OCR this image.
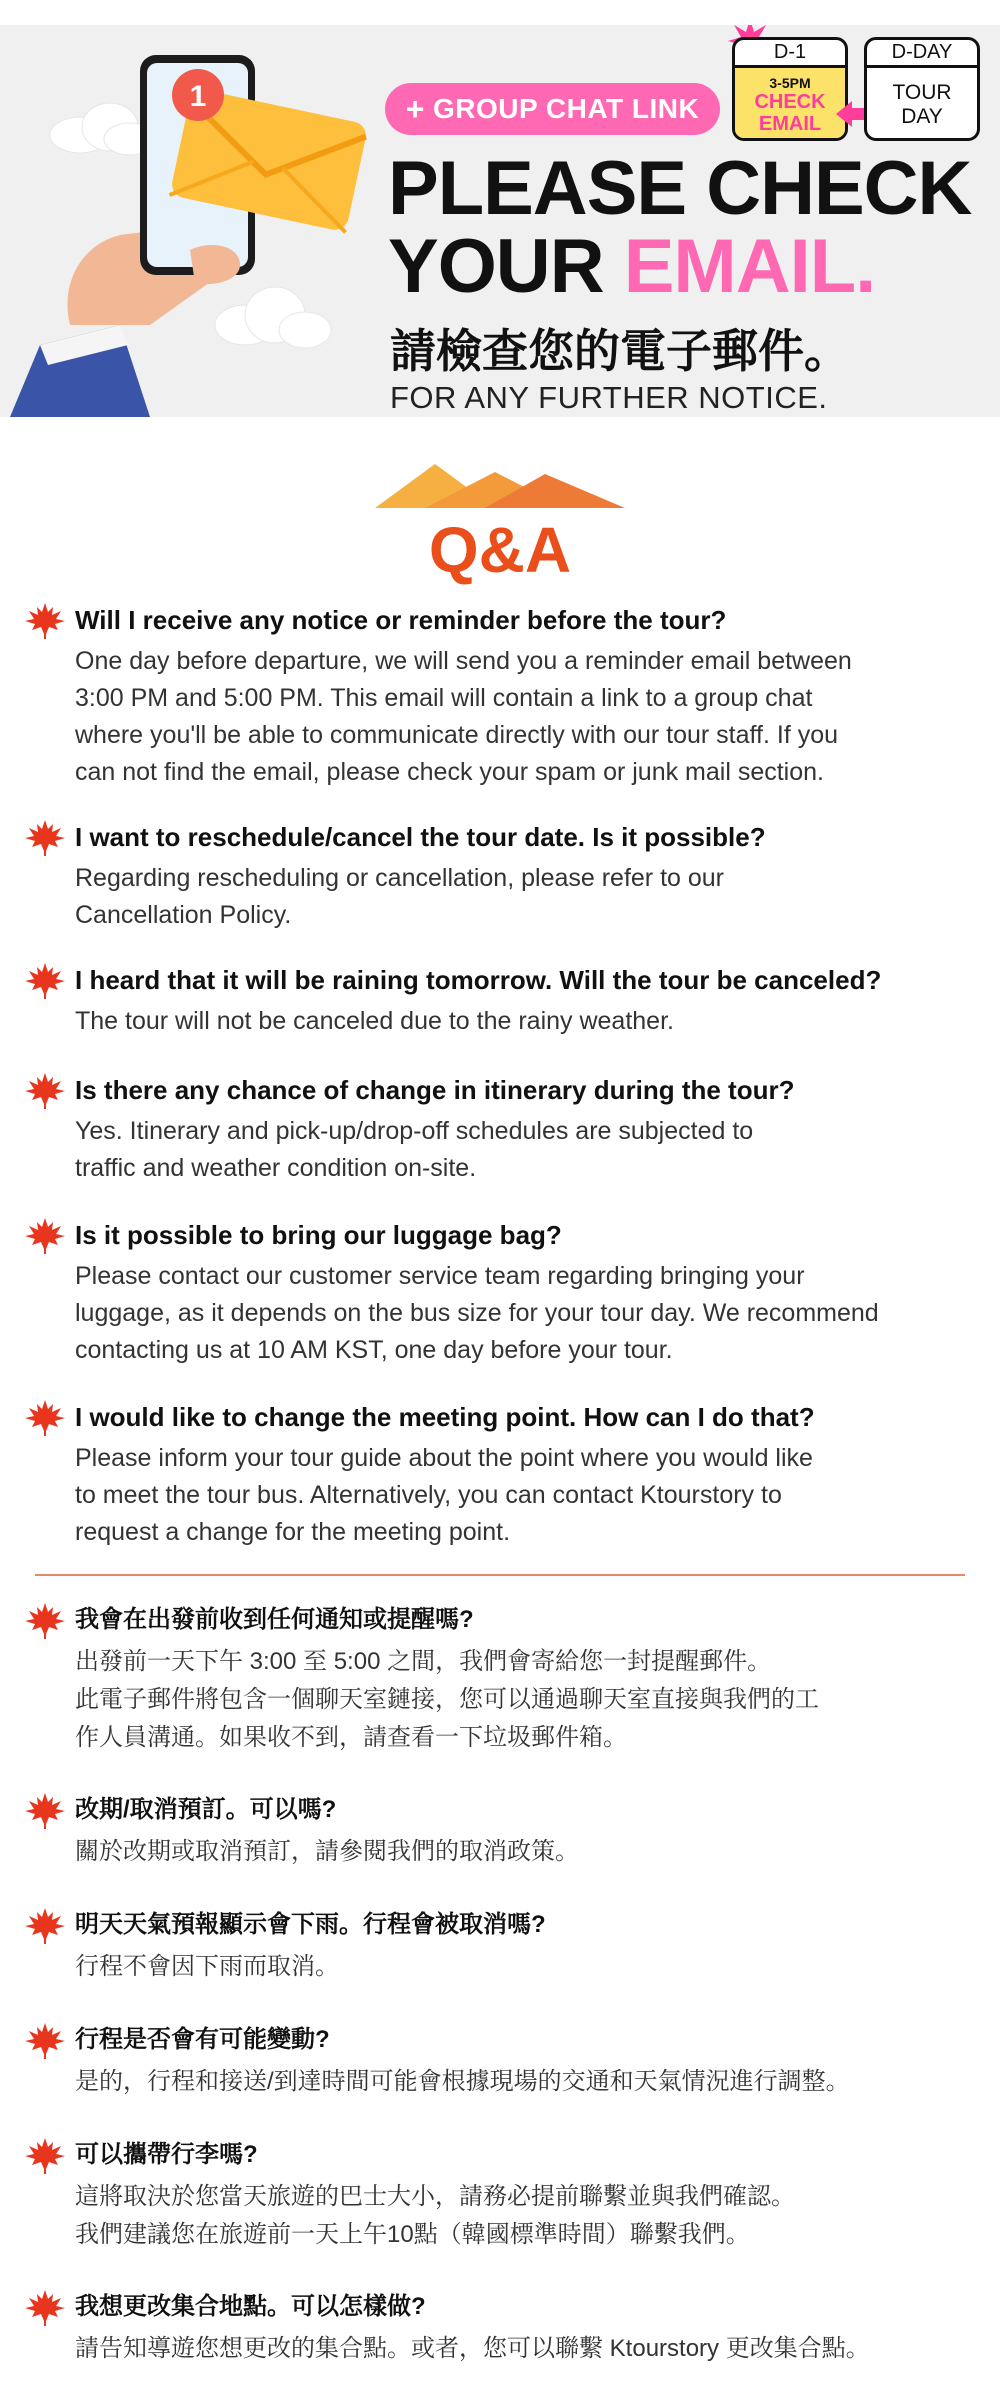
1	+ GROUP CHAT LINK
D-1
3-5PM
CHECK
EMAIL
D-DAY
TOUR
DAY
PLEASE CHECK
YOUR EMAIL.
請檢查您的電子郵件。
FOR ANY FURTHER NOTICE.
Q&A
Will I receive any notice or reminder before the tour?
One day before departure, we will send you a reminder email between
3:00 PM and 5:00 PM. This email will contain a link to a group chat
where you'll be able to communicate directly with our tour staff. If you
can not find the email, please check your spam or junk mail section.
I want to reschedule/cancel the tour date. Is it possible?
Regarding rescheduling or cancellation, please refer to our
Cancellation Policy.
I heard that it will be raining tomorrow. Will the tour be canceled?
The tour will not be canceled due to the rainy weather.
Is there any chance of change in itinerary during the tour?
Yes. Itinerary and pick-up/drop-off schedules are subjected to
traffic and weather condition on-site.
Is it possible to bring our luggage bag?
Please contact our customer service team regarding bringing your
luggage, as it depends on the bus size for your tour day. We recommend
contacting us at 10 AM KST, one day before your tour.
I would like to change the meeting point. How can I do that?
Please inform your tour guide about the point where you would like
to meet the tour bus. Alternatively, you can contact Ktourstory to
request a change for the meeting point.
我會在出發前收到任何通知或提醒嗎?
出發前一天下午 3:00 至 5:00 之間，我們會寄給您一封提醒郵件。
此電子郵件將包含一個聊天室鏈接，您可以通過聊天室直接與我們的工
作人員溝通。如果收不到，請查看一下垃圾郵件箱。
改期/取消預訂。可以嗎?
關於改期或取消預訂，請參閱我們的取消政策。
明天天氣預報顯示會下雨。行程會被取消嗎?
行程不會因下雨而取消。
行程是否會有可能變動?
是的，行程和接送/到達時間可能會根據現場的交通和天氣情況進行調整。
可以攜帶行李嗎?
這將取決於您當天旅遊的巴士大小，請務必提前聯繫並與我們確認。
我們建議您在旅遊前一天上午10點（韓國標準時間）聯繫我們。
我想更改集合地點。可以怎樣做?
請告知導遊您想更改的集合點。或者，您可以聯繫 Ktourstory 更改集合點。
